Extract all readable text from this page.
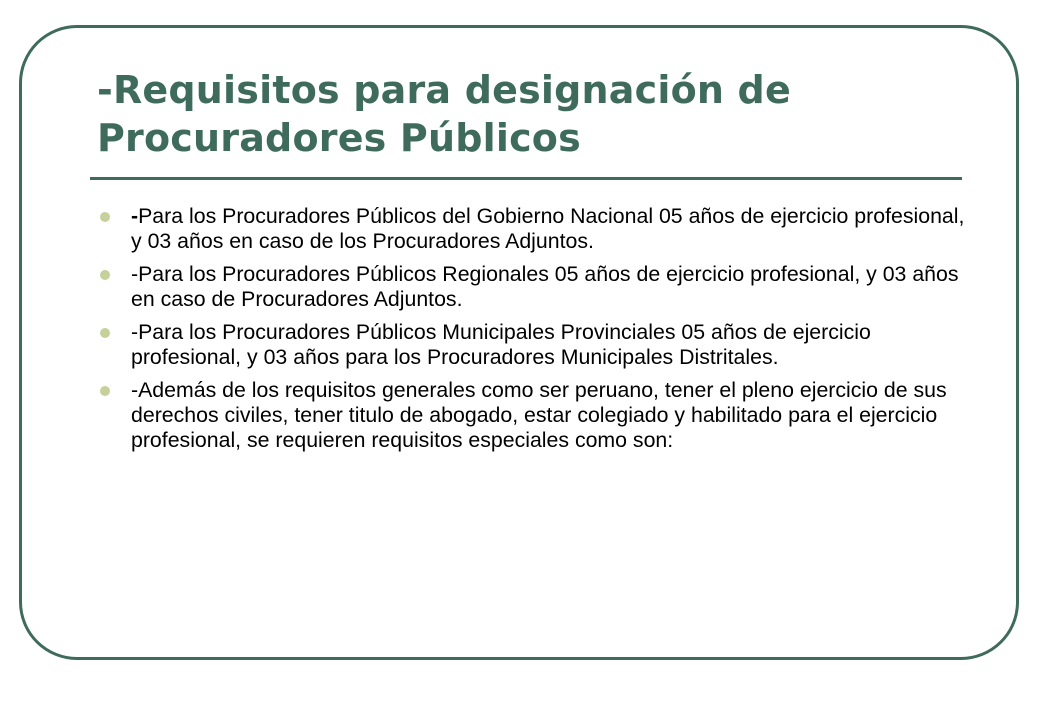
-Requisitos para designación de Procuradores Públicos
-Para los Procuradores Públicos del Gobierno Nacional 05 años de ejercicio profesional, y 03 años en caso de los Procuradores Adjuntos.
-Para los Procuradores Públicos Regionales 05 años de ejercicio profesional, y 03 años en caso de Procuradores Adjuntos.
-Para los Procuradores Públicos Municipales Provinciales 05 años de ejercicio profesional, y 03 años para los Procuradores Municipales Distritales.
-Además de los requisitos generales como ser peruano, tener el pleno ejercicio de sus derechos civiles, tener titulo de abogado, estar colegiado y habilitado para el ejercicio profesional, se requieren requisitos especiales como son:
